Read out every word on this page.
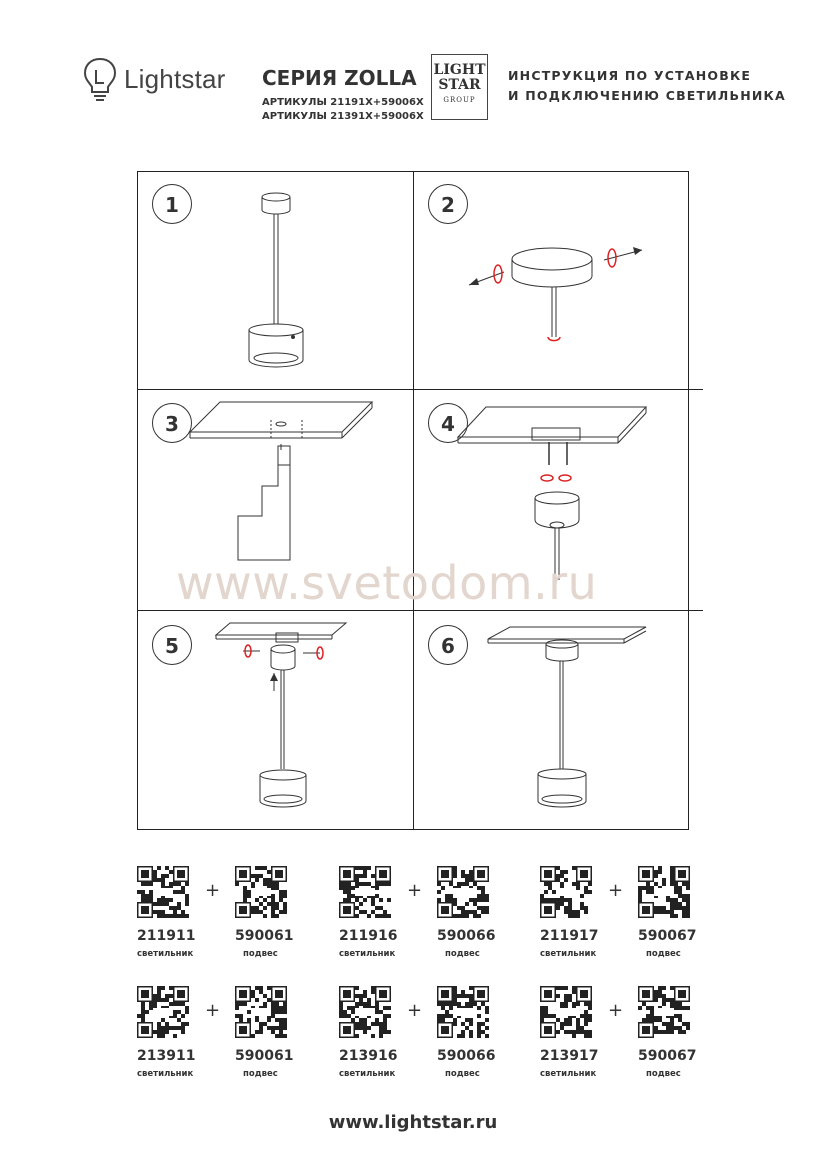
Lightstar СЕРИЯ ZOLLA
АРТИКУЛЫ 21191X+59006X
АРТИКУЛЫ 21391X+59006X
LIGHT
STAR
GROUP
ИНСТРУКЦИЯ ПО УСТАНОВКЕ
И ПОДКЛЮЧЕНИЮ СВЕТИЛЬНИКА
1	2
3	4
5	6
www.svetodom.ru
211911
светильник
590061
подвес
+
211916
светильник
590066
подвес
+
211917
светильник
590067
подвес
+
213911
светильник
590061
подвес
+
213916
светильник
590066
подвес
+
213917
светильник
590067
подвес
+
www.lightstar.ru
